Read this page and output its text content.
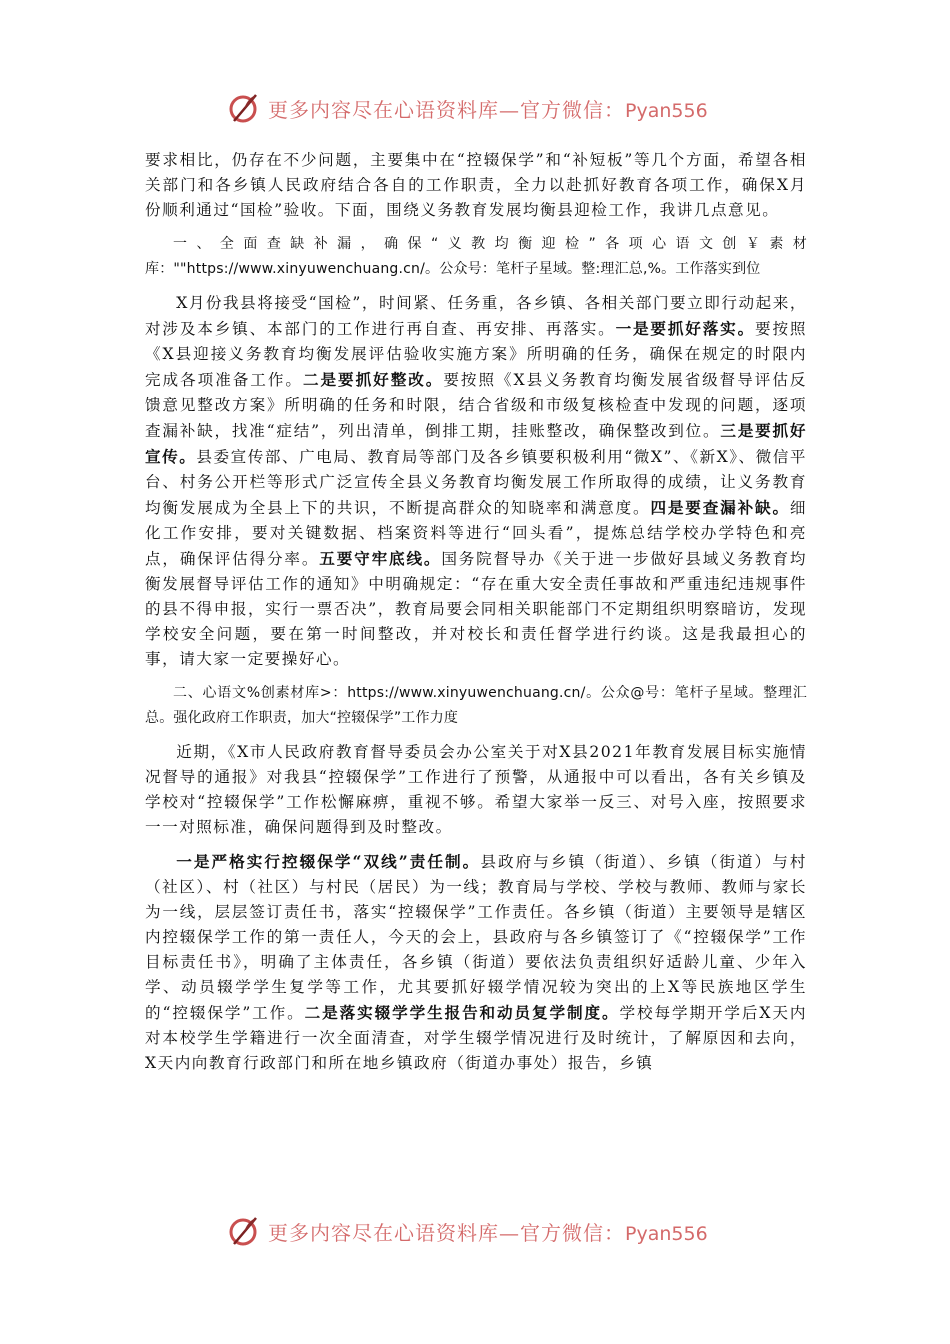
更多内容尽在心语资料库—官方微信：Pyan556

要求相比，仍存在不少问题，主要集中在“控辍保学”和“补短板”等几个方面，希望各相关部门和各乡镇人民政府结合各自的工作职责，全力以赴抓好教育各项工作，确保X月份顺利通过“国检”验收。下面，围绕义务教育发展均衡县迎检工作，我讲几点意见。

一、全面查缺补漏，确保“义教均衡迎检”各项心语文创￥素材库：""https://www.xinyuwenchuang.cn/。公众号：笔杆子星域。整:理汇总,%。工作落实到位

X月份我县将接受“国检”，时间紧、任务重，各乡镇、各相关部门要立即行动起来，对涉及本乡镇、本部门的工作进行再自查、再安排、再落实。一是要抓好落实。要按照《X县迎接义务教育均衡发展评估验收实施方案》所明确的任务，确保在规定的时限内完成各项准备工作。二是要抓好整改。要按照《X县义务教育均衡发展省级督导评估反馈意见整改方案》所明确的任务和时限，结合省级和市级复核检查中发现的问题，逐项查漏补缺，找准“症结”，列出清单，倒排工期，挂账整改，确保整改到位。三是要抓好宣传。县委宣传部、广电局、教育局等部门及各乡镇要积极利用“微X”、《新X》、微信平台、村务公开栏等形式广泛宣传全县义务教育均衡发展工作所取得的成绩，让义务教育均衡发展成为全县上下的共识，不断提高群众的知晓率和满意度。四是要查漏补缺。细化工作安排，要对关键数据、档案资料等进行“回头看”，提炼总结学校办学特色和亮点，确保评估得分率。五要守牢底线。国务院督导办《关于进一步做好县域义务教育均衡发展督导评估工作的通知》中明确规定：“存在重大安全责任事故和严重违纪违规事件的县不得申报，实行一票否决”，教育局要会同相关职能部门不定期组织明察暗访，发现学校安全问题，要在第一时间整改，并对校长和责任督学进行约谈。这是我最担心的事，请大家一定要操好心。

二、心语文%创素材库>：https://www.xinyuwenchuang.cn/。公众@号：笔杆子星域。整理汇总。强化政府工作职责，加大“控辍保学”工作力度

近期，《X市人民政府教育督导委员会办公室关于对X县2021年教育发展目标实施情况督导的通报》对我县“控辍保学”工作进行了预警，从通报中可以看出，各有关乡镇及学校对“控辍保学”工作松懈麻痹，重视不够。希望大家举一反三、对号入座，按照要求一一对照标准，确保问题得到及时整改。

一是严格实行控辍保学“双线”责任制。县政府与乡镇（街道）、乡镇（街道）与村（社区）、村（社区）与村民（居民）为一线；教育局与学校、学校与教师、教师与家长为一线，层层签订责任书，落实“控辍保学”工作责任。各乡镇（街道）主要领导是辖区内控辍保学工作的第一责任人，今天的会上，县政府与各乡镇签订了《“控辍保学”工作目标责任书》，明确了主体责任，各乡镇（街道）要依法负责组织好适龄儿童、少年入学、动员辍学学生复学等工作，尤其要抓好辍学情况较为突出的上X等民族地区学生的“控辍保学”工作。二是落实辍学学生报告和动员复学制度。学校每学期开学后X天内对本校学生学籍进行一次全面清查，对学生辍学情况进行及时统计，了解原因和去向，X天内向教育行政部门和所在地乡镇政府（街道办事处）报告，乡镇

更多内容尽在心语资料库—官方微信：Pyan556
